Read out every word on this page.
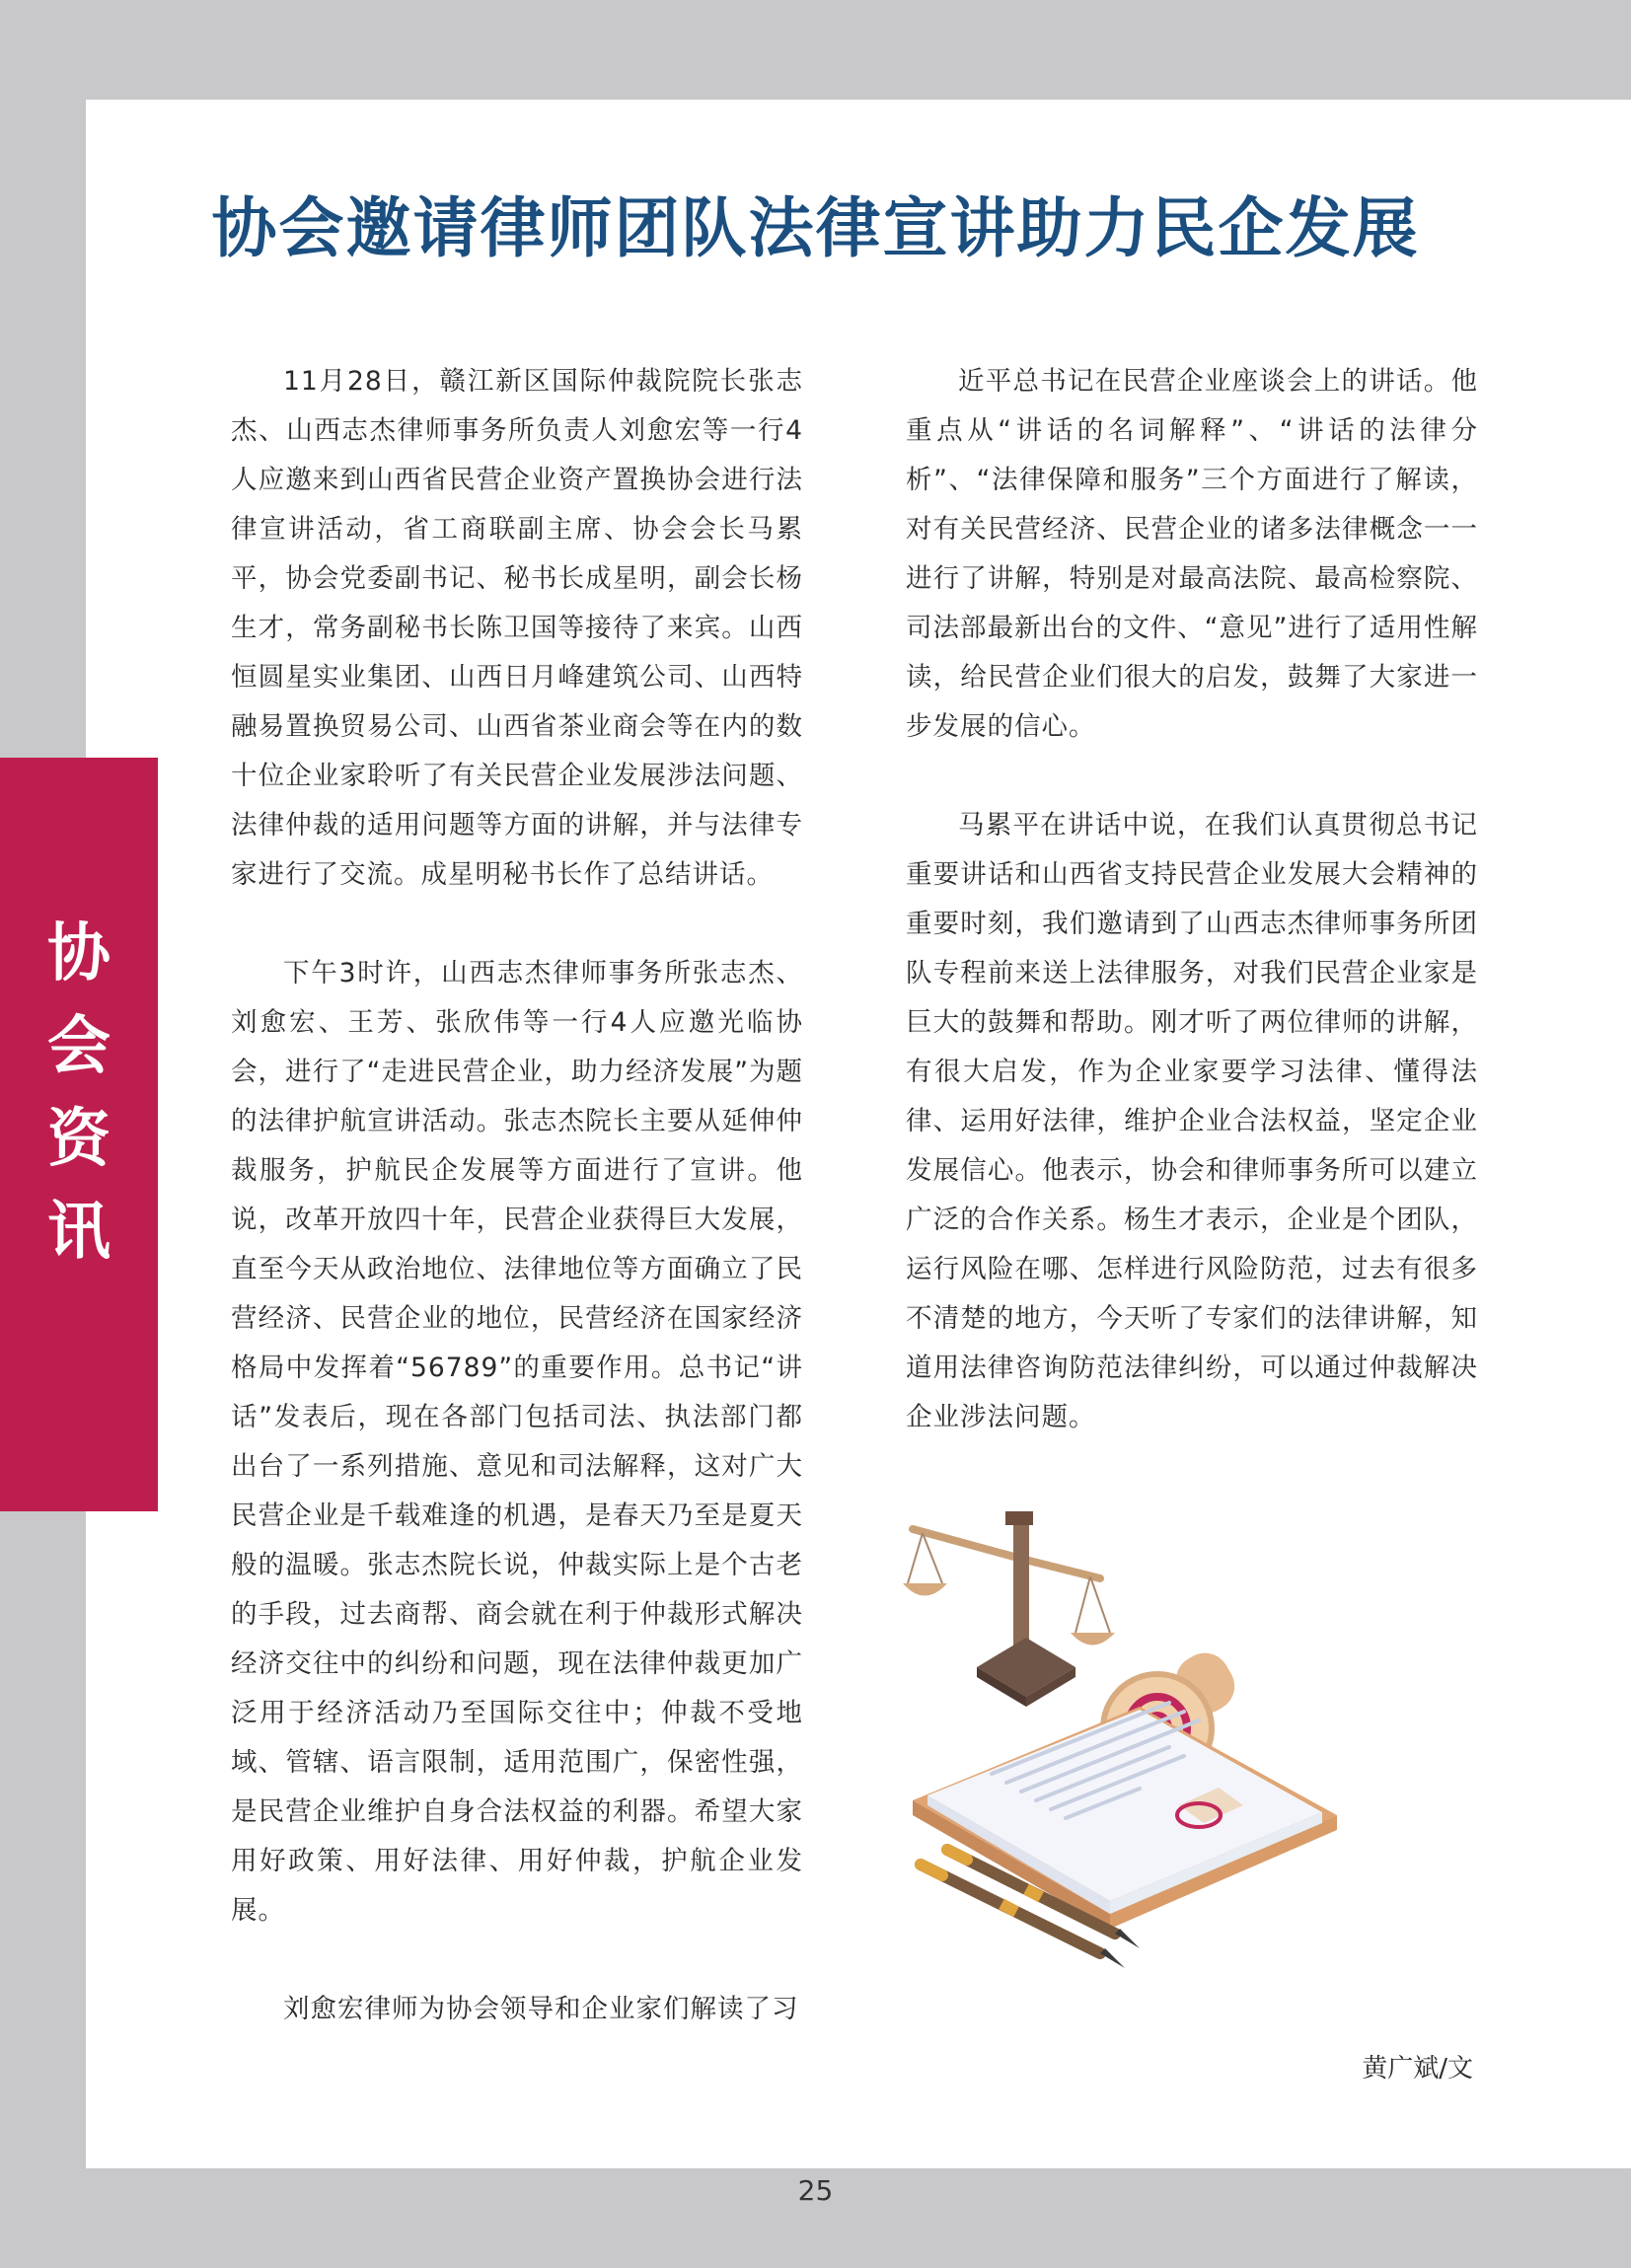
协会邀请律师团队法律宣讲助力民企发展
协
会
资
讯

11月28日，赣江新区国际仲裁院院长张志杰、山西志杰律师事务所负责人刘愈宏等一行4人应邀来到山西省民营企业资产置换协会进行法律宣讲活动，省工商联副主席、协会会长马累平，协会党委副书记、秘书长成星明，副会长杨生才，常务副秘书长陈卫国等接待了来宾。山西恒圆星实业集团、山西日月峰建筑公司、山西特融易置换贸易公司、山西省茶业商会等在内的数十位企业家聆听了有关民营企业发展涉法问题、法律仲裁的适用问题等方面的讲解，并与法律专家进行了交流。成星明秘书长作了总结讲话。

下午3时许，山西志杰律师事务所张志杰、刘愈宏、王芳、张欣伟等一行4人应邀光临协会，进行了“走进民营企业，助力经济发展”为题的法律护航宣讲活动。张志杰院长主要从延伸仲裁服务，护航民企发展等方面进行了宣讲。他说，改革开放四十年，民营企业获得巨大发展，直至今天从政治地位、法律地位等方面确立了民营经济、民营企业的地位，民营经济在国家经济格局中发挥着“56789”的重要作用。总书记“讲话”发表后，现在各部门包括司法、执法部门都出台了一系列措施、意见和司法解释，这对广大民营企业是千载难逢的机遇，是春天乃至是夏天般的温暖。张志杰院长说，仲裁实际上是个古老的手段，过去商帮、商会就在利于仲裁形式解决经济交往中的纠纷和问题，现在法律仲裁更加广泛用于经济活动乃至国际交往中；仲裁不受地域、管辖、语言限制，适用范围广，保密性强，是民营企业维护自身合法权益的利器。希望大家用好政策、用好法律、用好仲裁，护航企业发展。

刘愈宏律师为协会领导和企业家们解读了习

近平总书记在民营企业座谈会上的讲话。他重点从“讲话的名词解释”、“讲话的法律分析”、“法律保障和服务”三个方面进行了解读，对有关民营经济、民营企业的诸多法律概念一一进行了讲解，特别是对最高法院、最高检察院、司法部最新出台的文件、“意见”进行了适用性解读，给民营企业们很大的启发，鼓舞了大家进一步发展的信心。

马累平在讲话中说，在我们认真贯彻总书记重要讲话和山西省支持民营企业发展大会精神的重要时刻，我们邀请到了山西志杰律师事务所团队专程前来送上法律服务，对我们民营企业家是巨大的鼓舞和帮助。刚才听了两位律师的讲解，有很大启发，作为企业家要学习法律、懂得法律、运用好法律，维护企业合法权益，坚定企业发展信心。他表示，协会和律师事务所可以建立广泛的合作关系。杨生才表示，企业是个团队，运行风险在哪、怎样进行风险防范，过去有很多不清楚的地方，今天听了专家们的法律讲解，知道用法律咨询防范法律纠纷，可以通过仲裁解决企业涉法问题。

黄广斌/文
25
